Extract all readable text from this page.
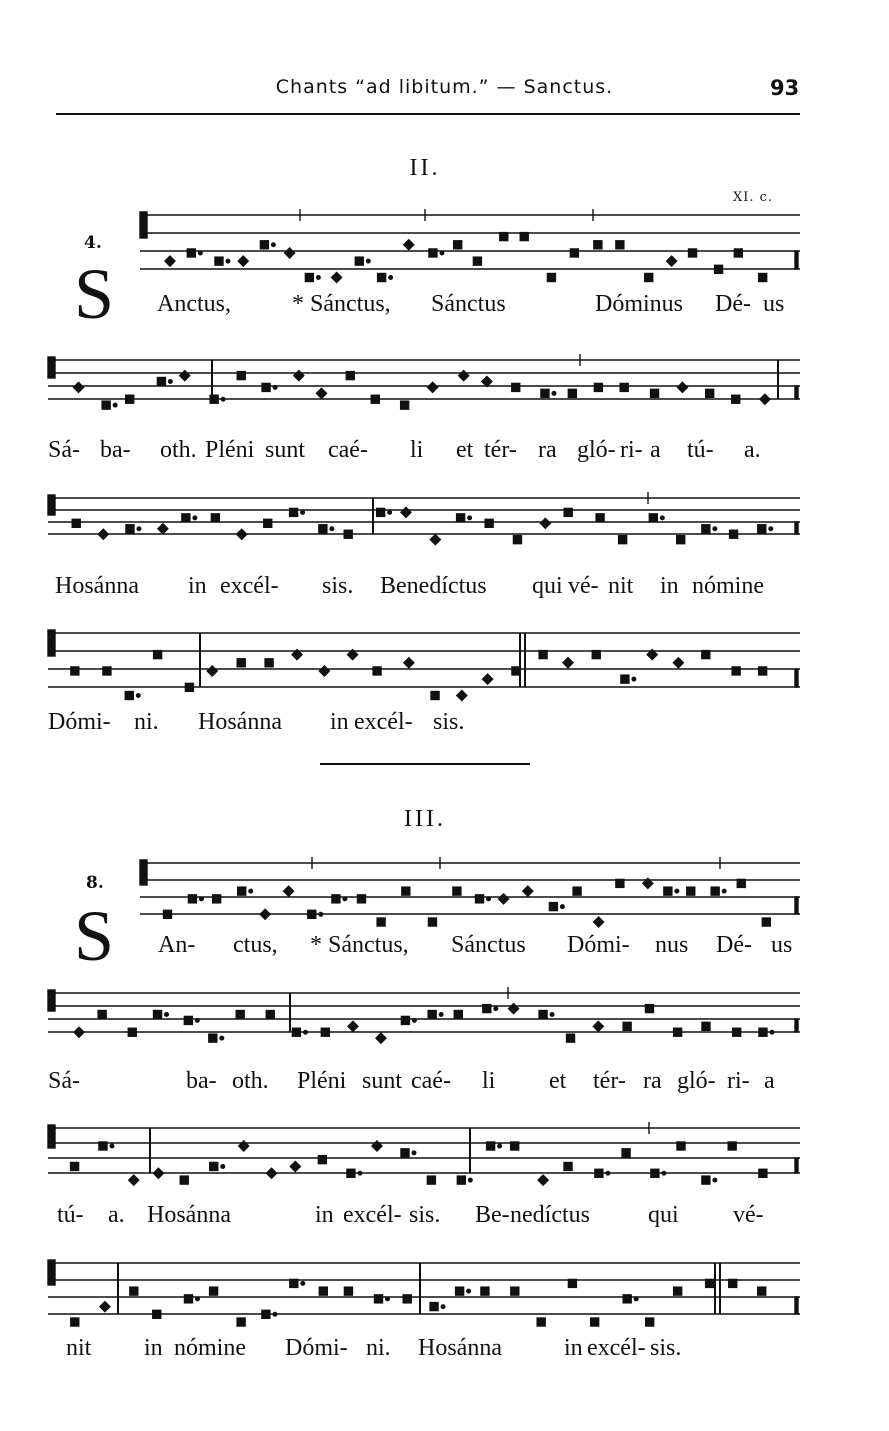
Chants “ad libitum.” — Sanctus.	93
II.
XI. c.
4.
S
III.
8.
S
Anctus,	* Sánctus, Sánctus	Dóminus Dé- us
Sá- ba- oth. Pléni sunt caé- li et tér- ra gló- ri- a tú- a.
Hosánna in excél- sis. Benedíctus qui vé- nit in nómine
Dómi- ni. Hosánna in excél- sis.
An- ctus, * Sánctus, Sánctus Dómi- nus Dé- us
Sá-	ba- oth. Pléni sunt caé- li et tér- ra gló- ri- a
tú- a. Hosánna	in excél- sis. Be- nedíctus qui vé-
nit in nómine Dómi- ni. Hosánna	in excél- sis.
